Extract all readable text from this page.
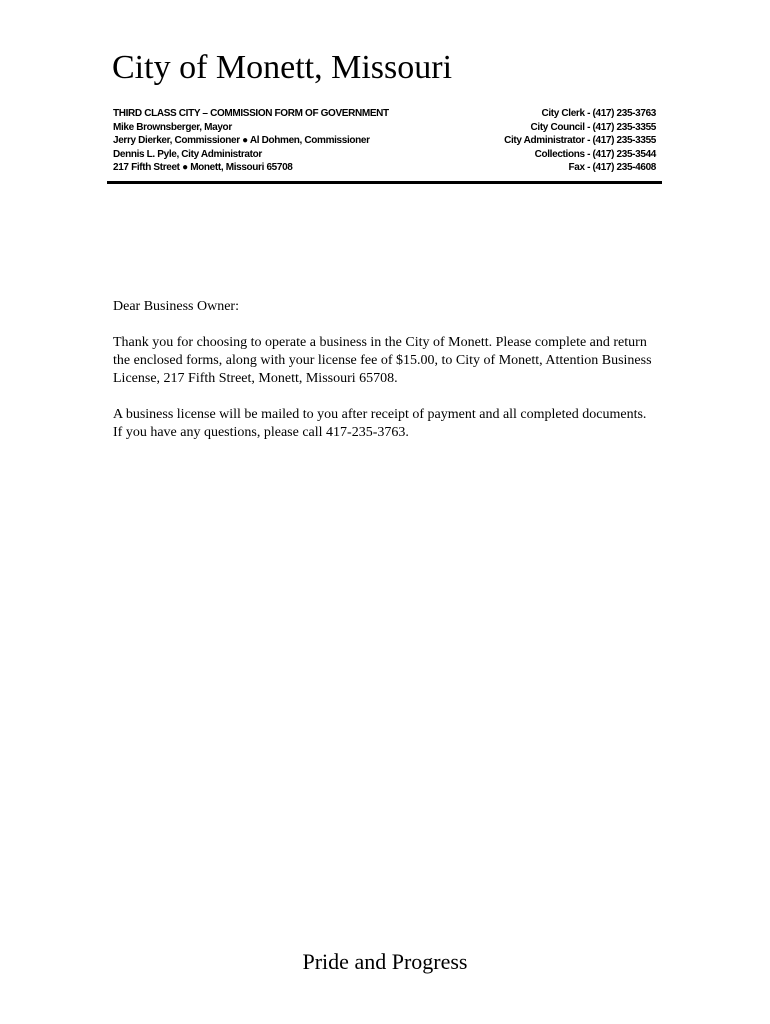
City of Monett, Missouri
THIRD CLASS CITY – COMMISSION FORM OF GOVERNMENT
Mike Brownsberger, Mayor
Jerry Dierker, Commissioner ● Al Dohmen, Commissioner
Dennis L. Pyle, City Administrator
217 Fifth Street ● Monett, Missouri 65708
City Clerk - (417) 235-3763
City Council - (417) 235-3355
City Administrator - (417) 235-3355
Collections - (417) 235-3544
Fax - (417) 235-4608

Dear Business Owner:

Thank you for choosing to operate a business in the City of Monett. Please complete and return the enclosed forms, along with your license fee of $15.00, to City of Monett, Attention Business License, 217 Fifth Street, Monett, Missouri 65708.

A business license will be mailed to you after receipt of payment and all completed documents. If you have any questions, please call 417-235-3763.

Pride and Progress
